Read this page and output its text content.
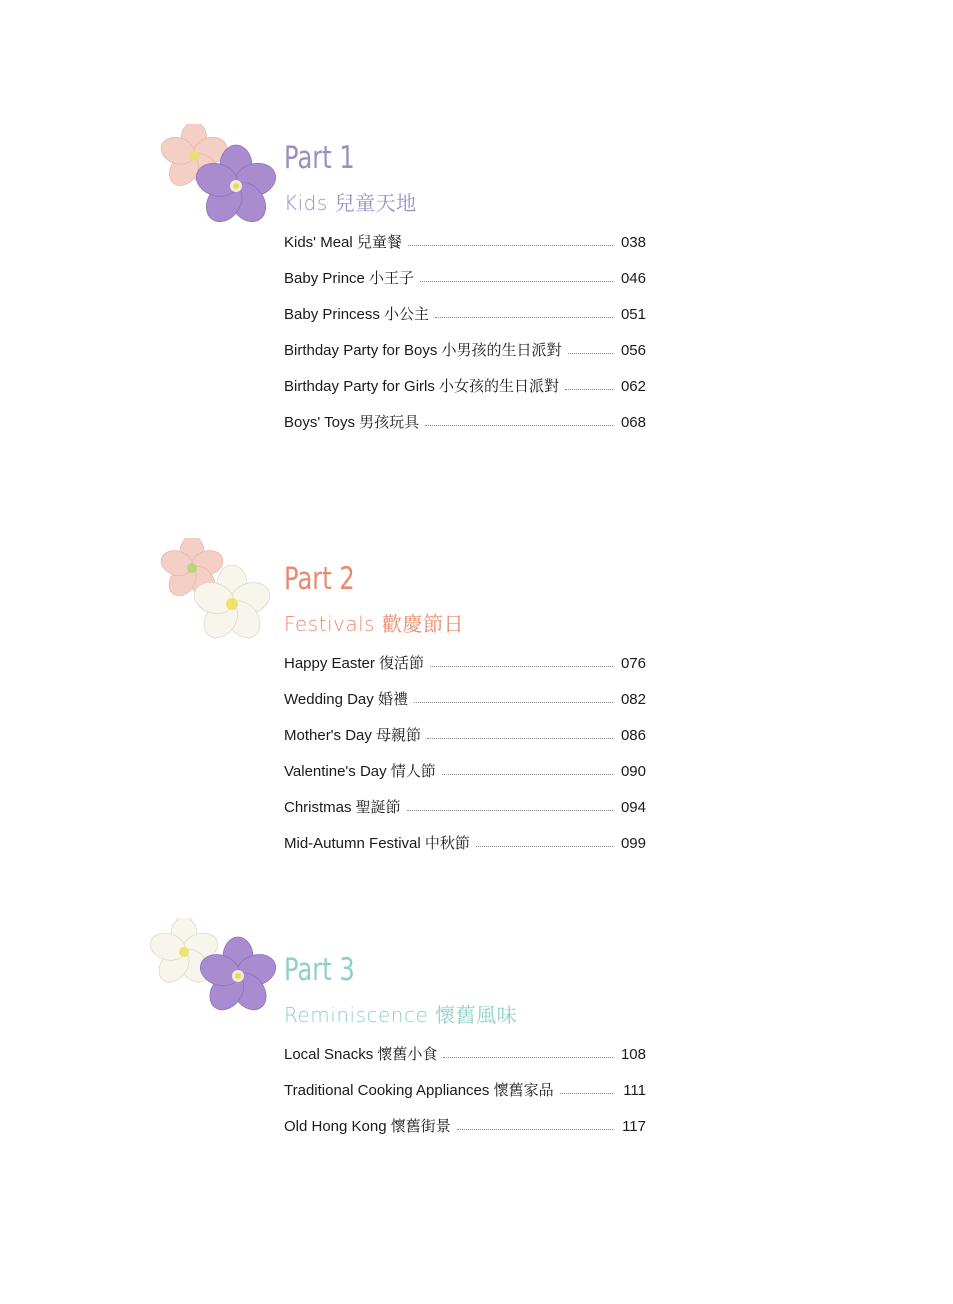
Part 1
Kids 兒童天地
Kids' Meal 兒童餐	038
Baby Prince 小王子	046
Baby Princess 小公主	051
Birthday Party for Boys 小男孩的生日派對	056
Birthday Party for Girls 小女孩的生日派對	062
Boys' Toys 男孩玩具	068
Part 2
Festivals 歡慶節日
Happy Easter 復活節	076
Wedding Day 婚禮	082
Mother's Day 母親節	086
Valentine's Day 情人節	090
Christmas 聖誕節	094
Mid-Autumn Festival 中秋節	099
Part 3
Reminiscence 懷舊風味
Local Snacks 懷舊小食	108
Traditional Cooking Appliances 懷舊家品	111
Old Hong Kong 懷舊街景	117
